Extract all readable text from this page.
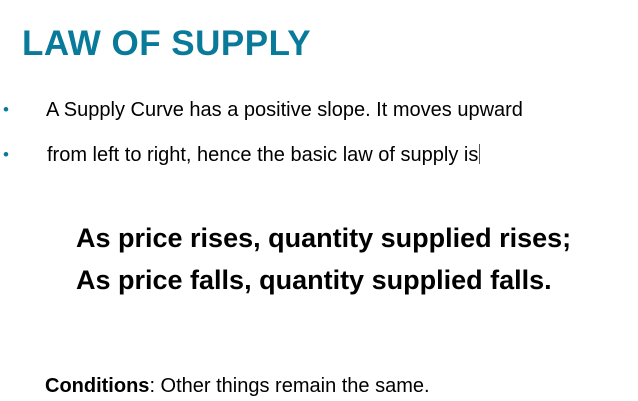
LAW OF SUPPLY
• A Supply Curve has a positive slope. It moves upward
• from left to right, hence the basic law of supply is
As price rises, quantity supplied rises;
As price falls, quantity supplied falls.
Conditions: Other things remain the same.
